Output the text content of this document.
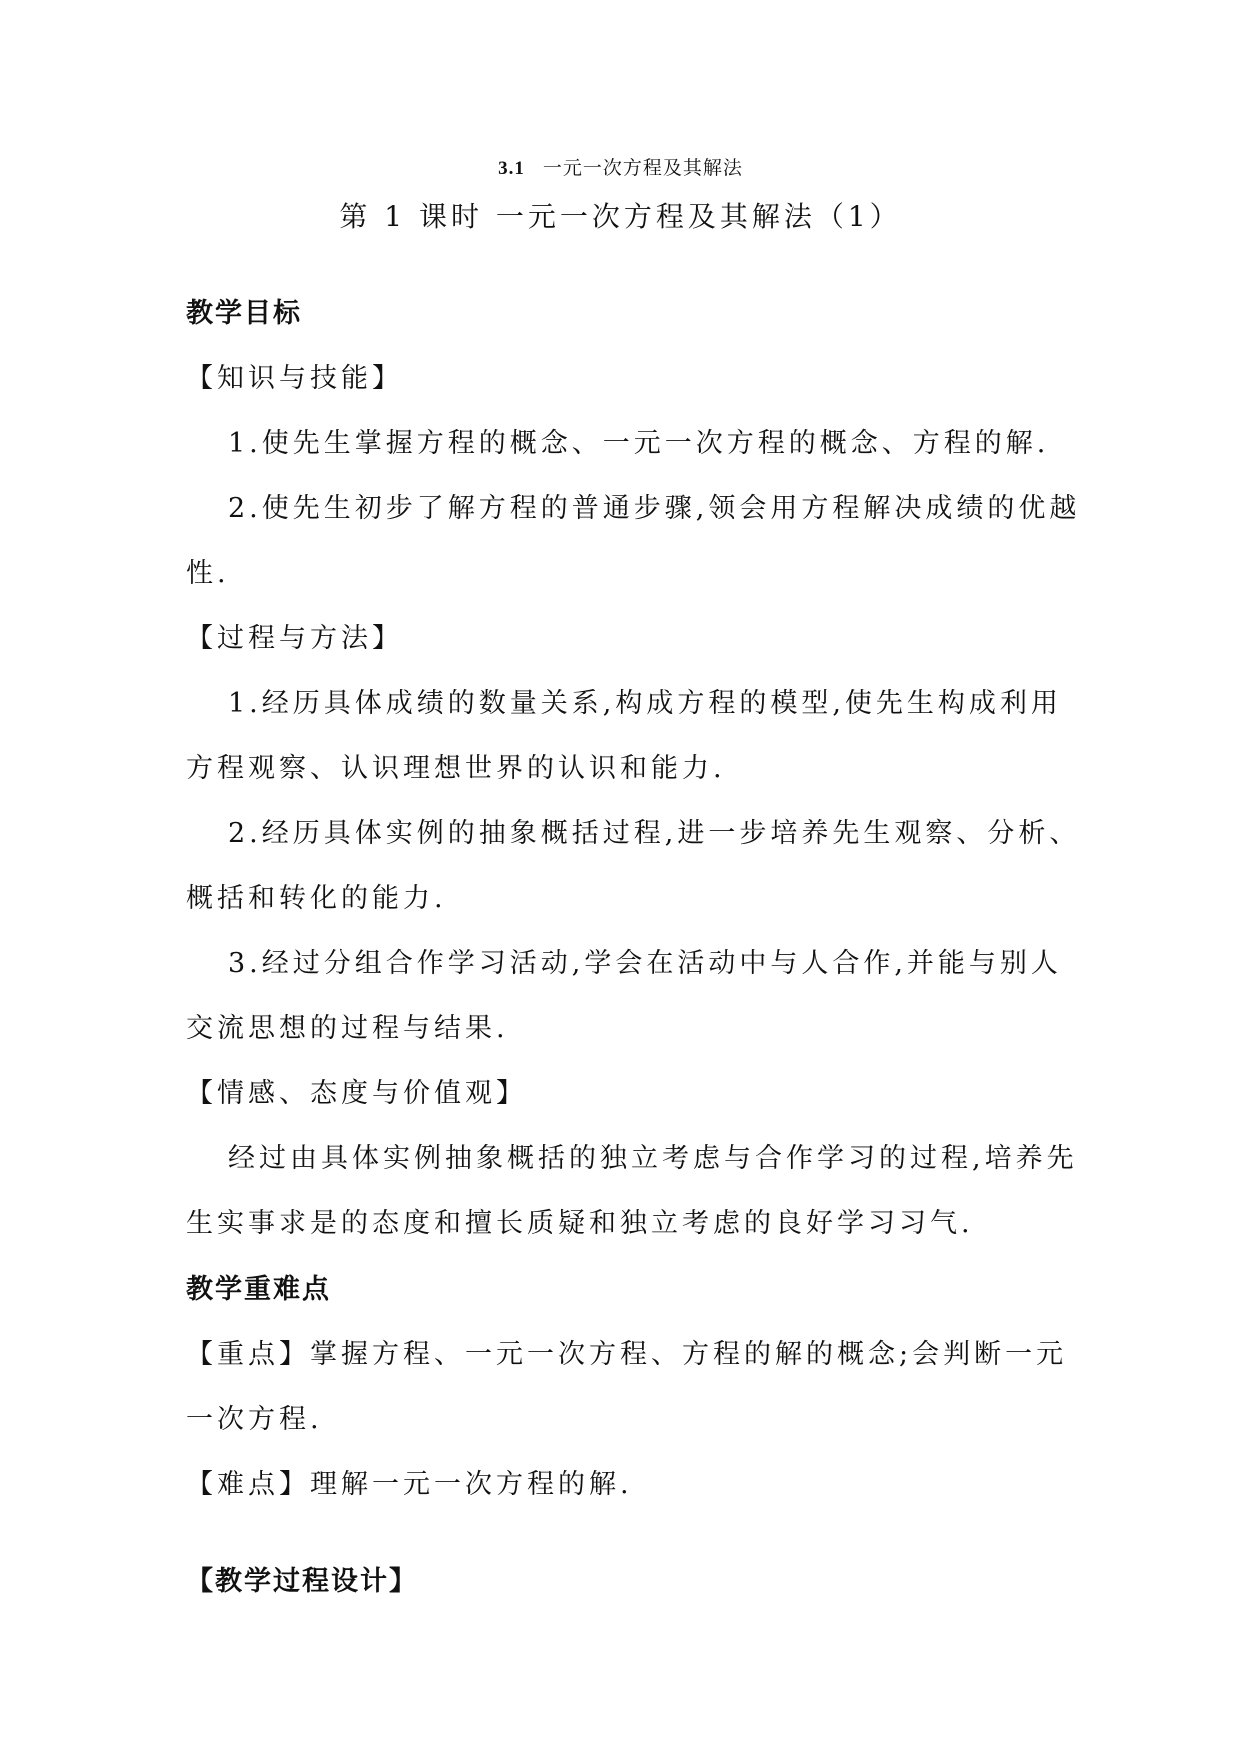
3.1 一元一次方程及其解法
第 1 课时 一元一次方程及其解法（1）
教学目标
【知识与技能】
1.使先生掌握方程的概念、一元一次方程的概念、方程的解.
2.使先生初步了解方程的普通步骤,领会用方程解决成绩的优越
性.
【过程与方法】
1.经历具体成绩的数量关系,构成方程的模型,使先生构成利用
方程观察、认识理想世界的认识和能力.
2.经历具体实例的抽象概括过程,进一步培养先生观察、分析、
概括和转化的能力.
3.经过分组合作学习活动,学会在活动中与人合作,并能与别人
交流思想的过程与结果.
【情感、态度与价值观】
经过由具体实例抽象概括的独立考虑与合作学习的过程,培养先
生实事求是的态度和擅长质疑和独立考虑的良好学习习气.
教学重难点
【重点】掌握方程、一元一次方程、方程的解的概念;会判断一元
一次方程.
【难点】理解一元一次方程的解.
【教学过程设计】
